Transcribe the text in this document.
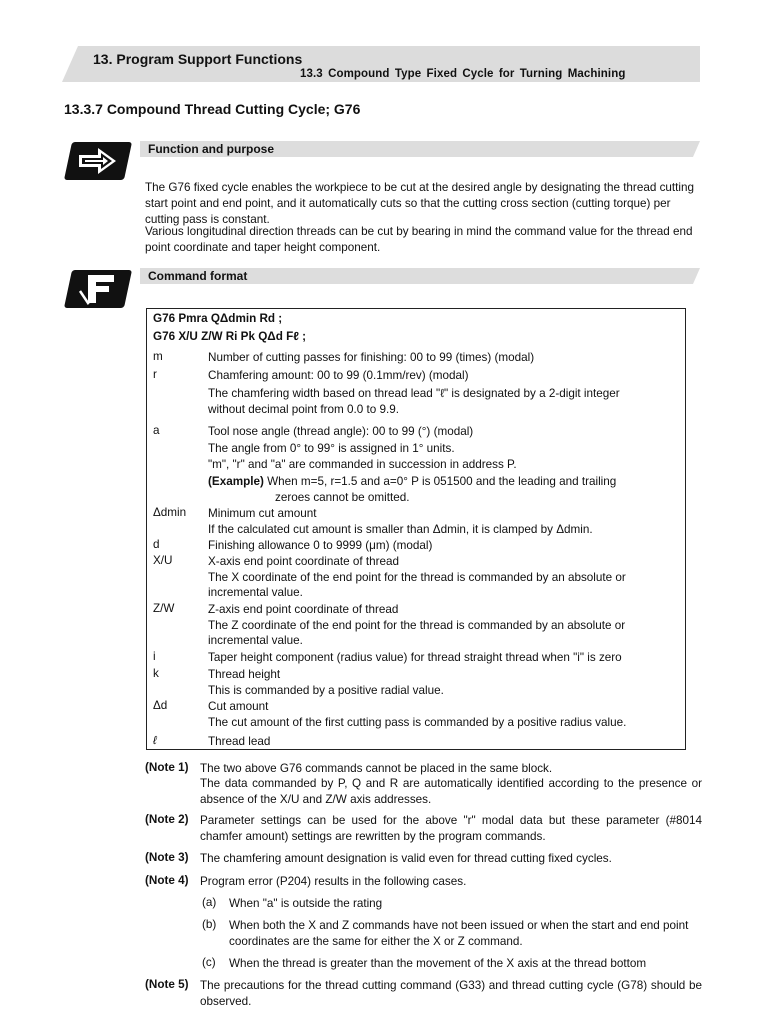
13. Program Support Functions
13.3 Compound Type Fixed Cycle for Turning Machining
13.3.7 Compound Thread Cutting Cycle; G76
Function and purpose
The G76 fixed cycle enables the workpiece to be cut at the desired angle by designating the thread cutting start point and end point, and it automatically cuts so that the cutting cross section (cutting torque) per cutting pass is constant.
Various longitudinal direction threads can be cut by bearing in mind the command value for the thread end point coordinate and taper height component.
Command format
G76 Pmra QΔdmin Rd ;
G76 X/U Z/W Ri Pk QΔd Fℓ ;
m	Number of cutting passes for finishing: 00 to 99 (times) (modal)
r	Chamfering amount: 00 to 99 (0.1mm/rev) (modal)
The chamfering width based on thread lead "ℓ" is designated by a 2-digit integer
without decimal point from 0.0 to 9.9.
a	Tool nose angle (thread angle): 00 to 99 (°) (modal)
The angle from 0° to 99° is assigned in 1° units.
"m", "r" and "a" are commanded in succession in address P.
(Example) When m=5, r=1.5 and a=0° P is 051500 and the leading and trailing
zeroes cannot be omitted.
Δdmin Minimum cut amount
If the calculated cut amount is smaller than Δdmin, it is clamped by Δdmin.
d	Finishing allowance 0 to 9999 (μm) (modal)
X/U	X-axis end point coordinate of thread
The X coordinate of the end point for the thread is commanded by an absolute or
incremental value.
Z/W	Z-axis end point coordinate of thread
The Z coordinate of the end point for the thread is commanded by an absolute or
incremental value.
i	Taper height component (radius value) for thread straight thread when "i" is zero
k	Thread height
This is commanded by a positive radial value.
Δd	Cut amount
The cut amount of the first cutting pass is commanded by a positive radius value.
ℓ	Thread lead
(Note 1) The two above G76 commands cannot be placed in the same block.
The data commanded by P, Q and R are automatically identified according to the presence or absence of the X/U and Z/W axis addresses.
(Note 2) Parameter settings can be used for the above "r" modal data but these parameter (#8014 chamfer amount) settings are rewritten by the program commands.
(Note 3) The chamfering amount designation is valid even for thread cutting fixed cycles.
(Note 4) Program error (P204) results in the following cases.
(a) When "a" is outside the rating
(b) When both the X and Z commands have not been issued or when the start and end point coordinates are the same for either the X or Z command.
(c) When the thread is greater than the movement of the X axis at the thread bottom
(Note 5) The precautions for the thread cutting command (G33) and thread cutting cycle (G78) should be observed.
